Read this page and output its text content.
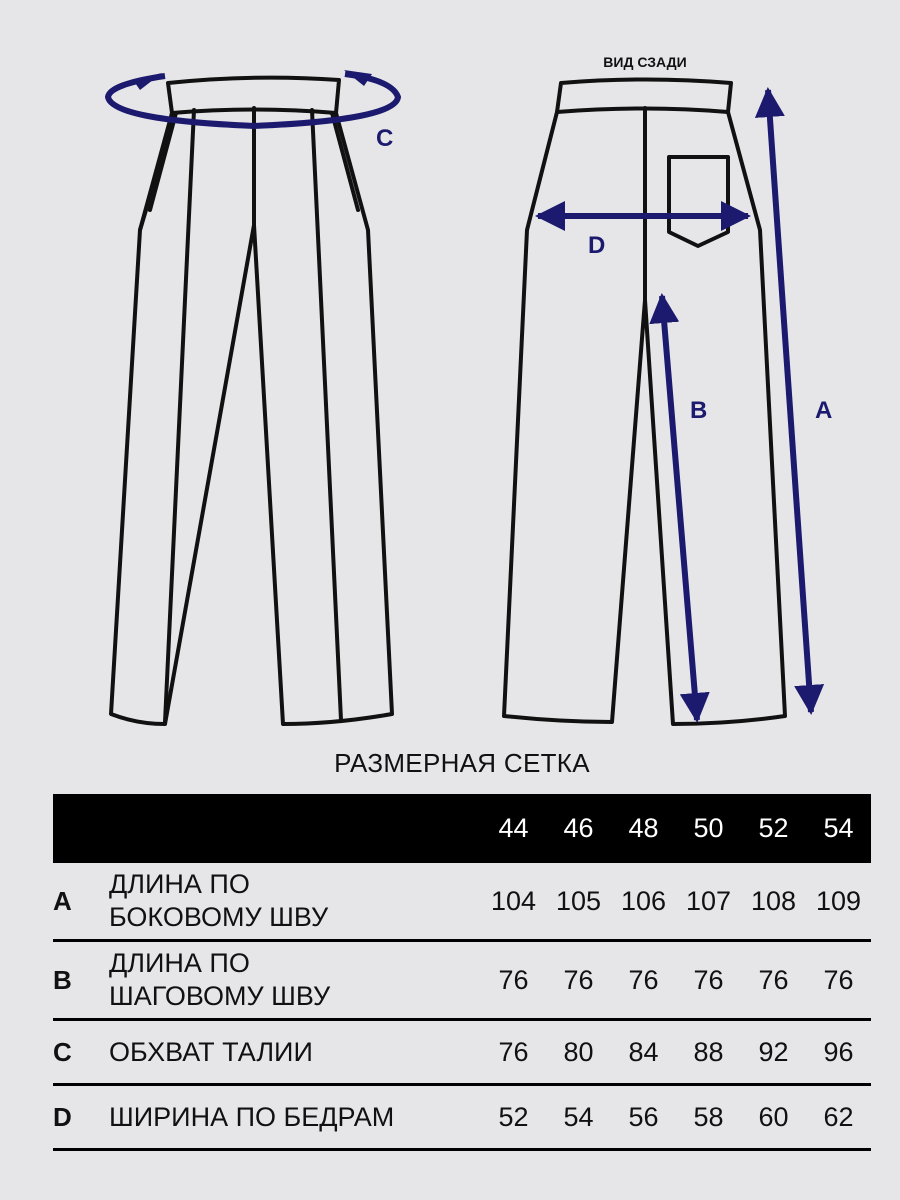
C
ВИД СЗАДИ
D
B	A
РАЗМЕРНАЯ СЕТКА
		44	46	48	50	52	54
A	ДЛИНА ПО
БОКОВОМУ ШВУ	104	105	106	107	108	109
B	ДЛИНА ПО
ШАГОВОМУ ШВУ	76	76	76	76	76	76
C	ОБХВАТ ТАЛИИ	76	80	84	88	92	96
D	ШИРИНА ПО БЕДРАМ	52	54	56	58	60	62
